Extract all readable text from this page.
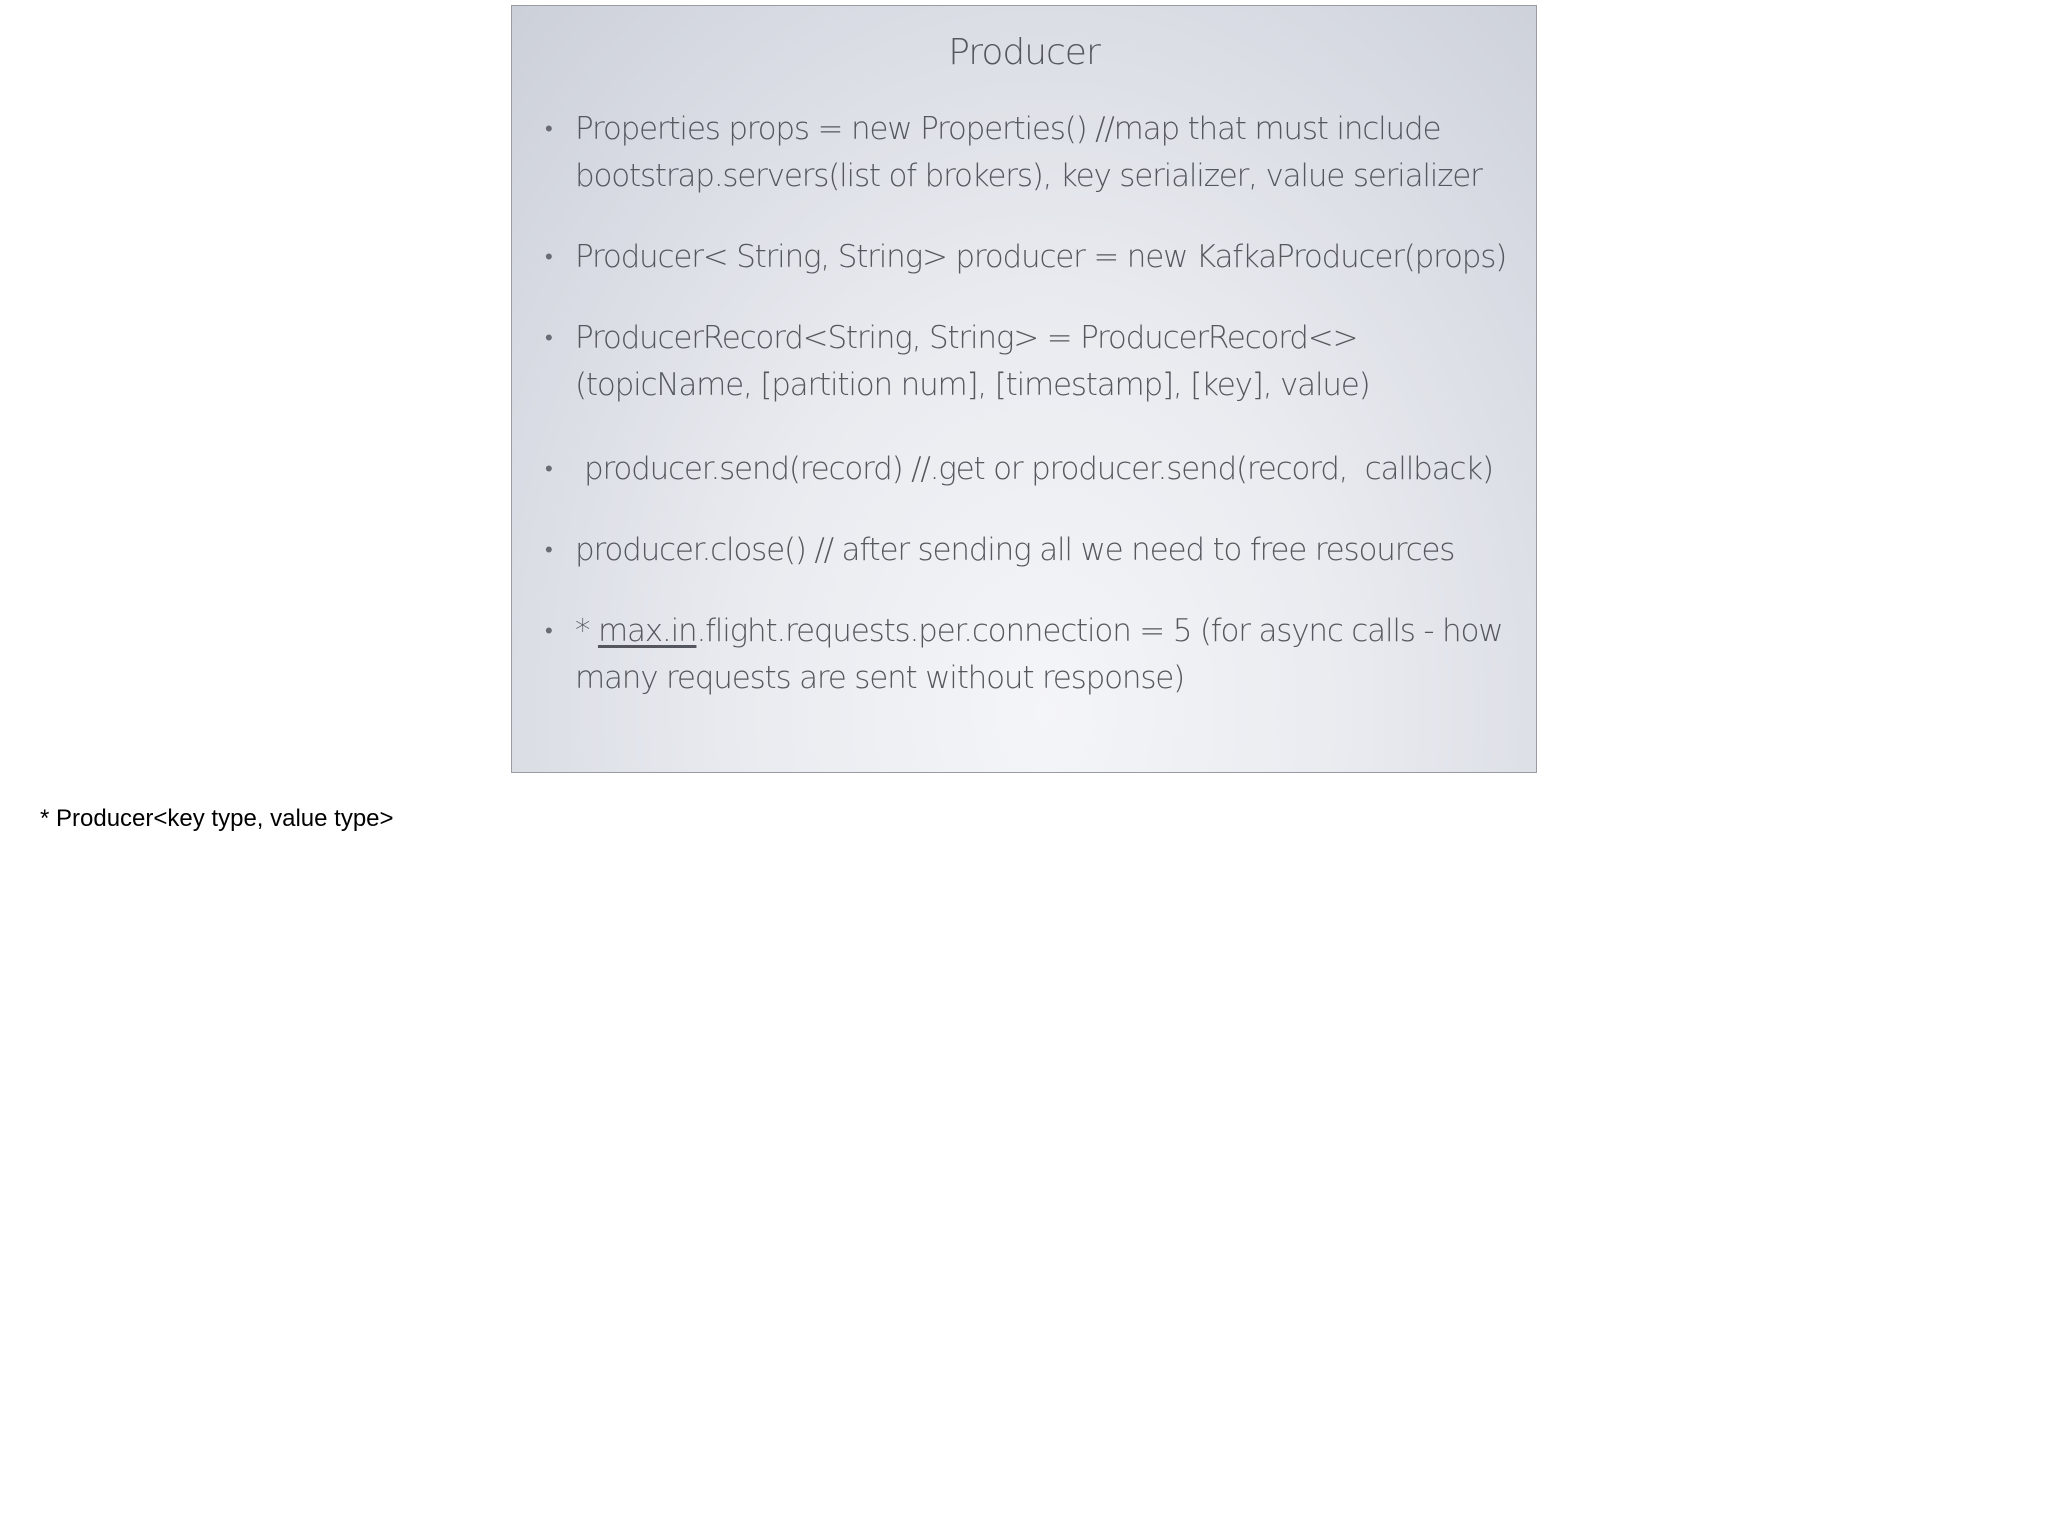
Producer
• Properties props = new Properties() //map that must include bootstrap.servers(list of brokers), key serializer, value serializer
• Producer< String, String> producer = new KafkaProducer(props)
• ProducerRecord<String, String> = ProducerRecord<>(topicName, [partition num], [timestamp], [key], value)
• producer.send(record) //.get or producer.send(record,  callback)
• producer.close() // after sending all we need to free resources
• * max.in.flight.requests.per.connection = 5 (for async calls - how many requests are sent without response)
* Producer<key type, value type>
